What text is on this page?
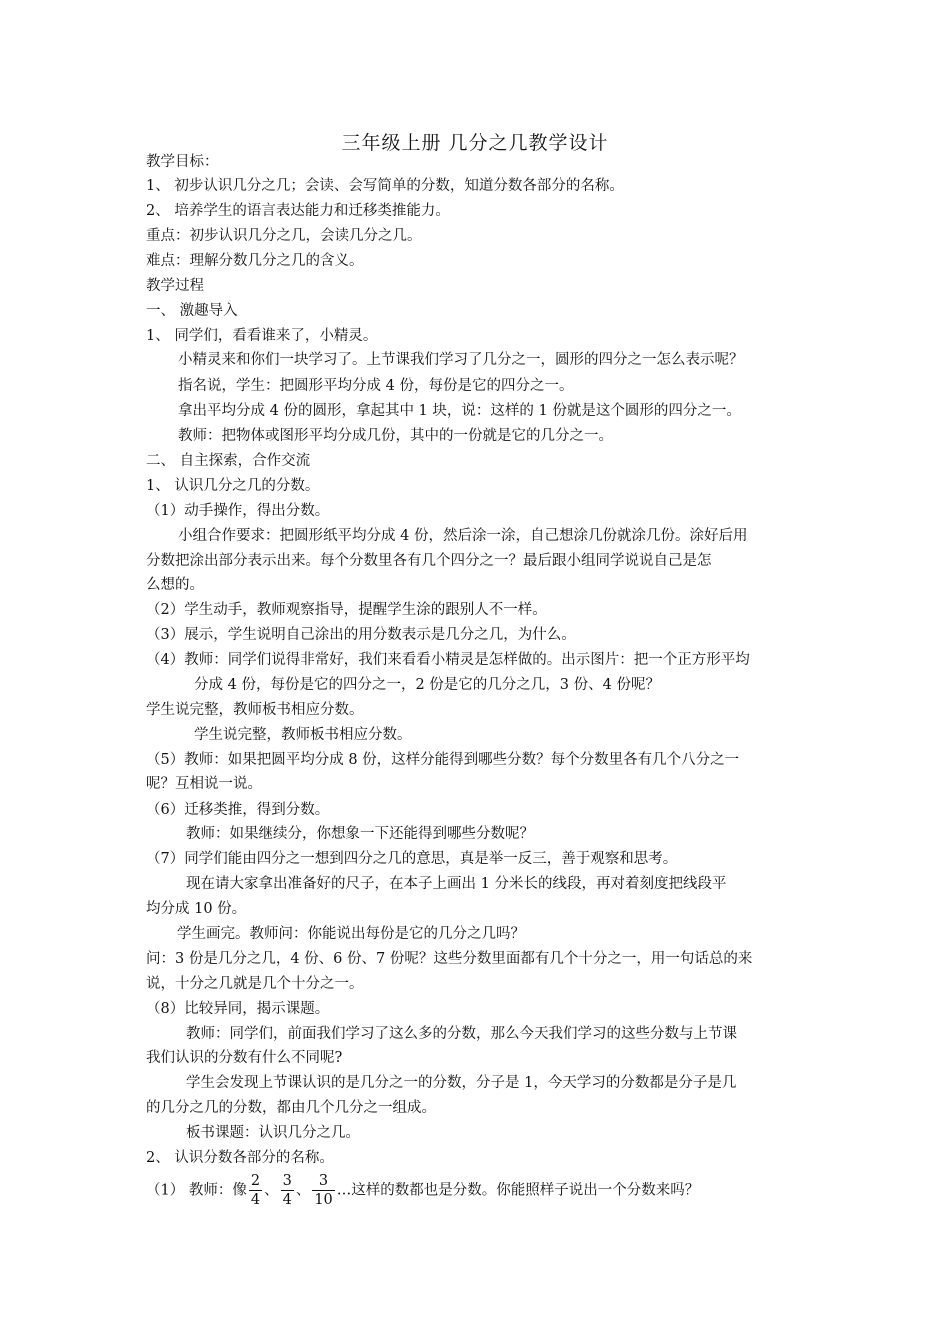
三年级上册 几分之几教学设计
教学目标：
1、 初步认识几分之几；会读、会写简单的分数，知道分数各部分的名称。
2、 培养学生的语言表达能力和迁移类推能力。
重点：初步认识几分之几，会读几分之几。
难点：理解分数几分之几的含义。
教学过程
一、 激趣导入
1、 同学们，看看谁来了，小精灵。
小精灵来和你们一块学习了。上节课我们学习了几分之一，圆形的四分之一怎么表示呢？
指名说，学生：把圆形平均分成 4 份，每份是它的四分之一。
拿出平均分成 4 份的圆形，拿起其中 1 块，说：这样的 1 份就是这个圆形的四分之一。
教师：把物体或图形平均分成几份，其中的一份就是它的几分之一。
二、 自主探索，合作交流
1、 认识几分之几的分数。
（1）动手操作，得出分数。
小组合作要求：把圆形纸平均分成 4 份，然后涂一涂，自己想涂几份就涂几份。涂好后用
分数把涂出部分表示出来。每个分数里各有几个四分之一？最后跟小组同学说说自己是怎
么想的。
（2）学生动手，教师观察指导，提醒学生涂的跟别人不一样。
（3）展示，学生说明自己涂出的用分数表示是几分之几，为什么。
（4）教师：同学们说得非常好，我们来看看小精灵是怎样做的。出示图片：把一个正方形平均
分成 4 份，每份是它的四分之一，2 份是它的几分之几，3 份、4 份呢？
学生说完整，教师板书相应分数。
学生说完整，教师板书相应分数。
（5）教师：如果把圆平均分成 8 份，这样分能得到哪些分数？每个分数里各有几个八分之一
呢？互相说一说。
（6）迁移类推，得到分数。
教师：如果继续分，你想象一下还能得到哪些分数呢？
（7）同学们能由四分之一想到四分之几的意思，真是举一反三，善于观察和思考。
现在请大家拿出准备好的尺子，在本子上画出 1 分米长的线段，再对着刻度把线段平
均分成 10 份。
学生画完。教师问：你能说出每份是它的几分之几吗？
问：3 份是几分之几，4 份、6 份、7 份呢？这些分数里面都有几个十分之一，用一句话总的来
说，十分之几就是几个十分之一。
（8）比较异同，揭示课题。
教师：同学们，前面我们学习了这么多的分数，那么今天我们学习的这些分数与上节课
我们认识的分数有什么不同呢?
学生会发现上节课认识的是几分之一的分数，分子是 1，今天学习的分数都是分子是几
的几分之几的分数，都由几个几分之一组成。
板书课题：认识几分之几。
2、 认识分数各部分的名称。
（1） 教师：像 $\frac{2}{4}$ 、 $\frac{3}{4}$ 、 $\frac{3}{10}$ …这样的数都也是分数。你能照样子说出一个分数来吗？
